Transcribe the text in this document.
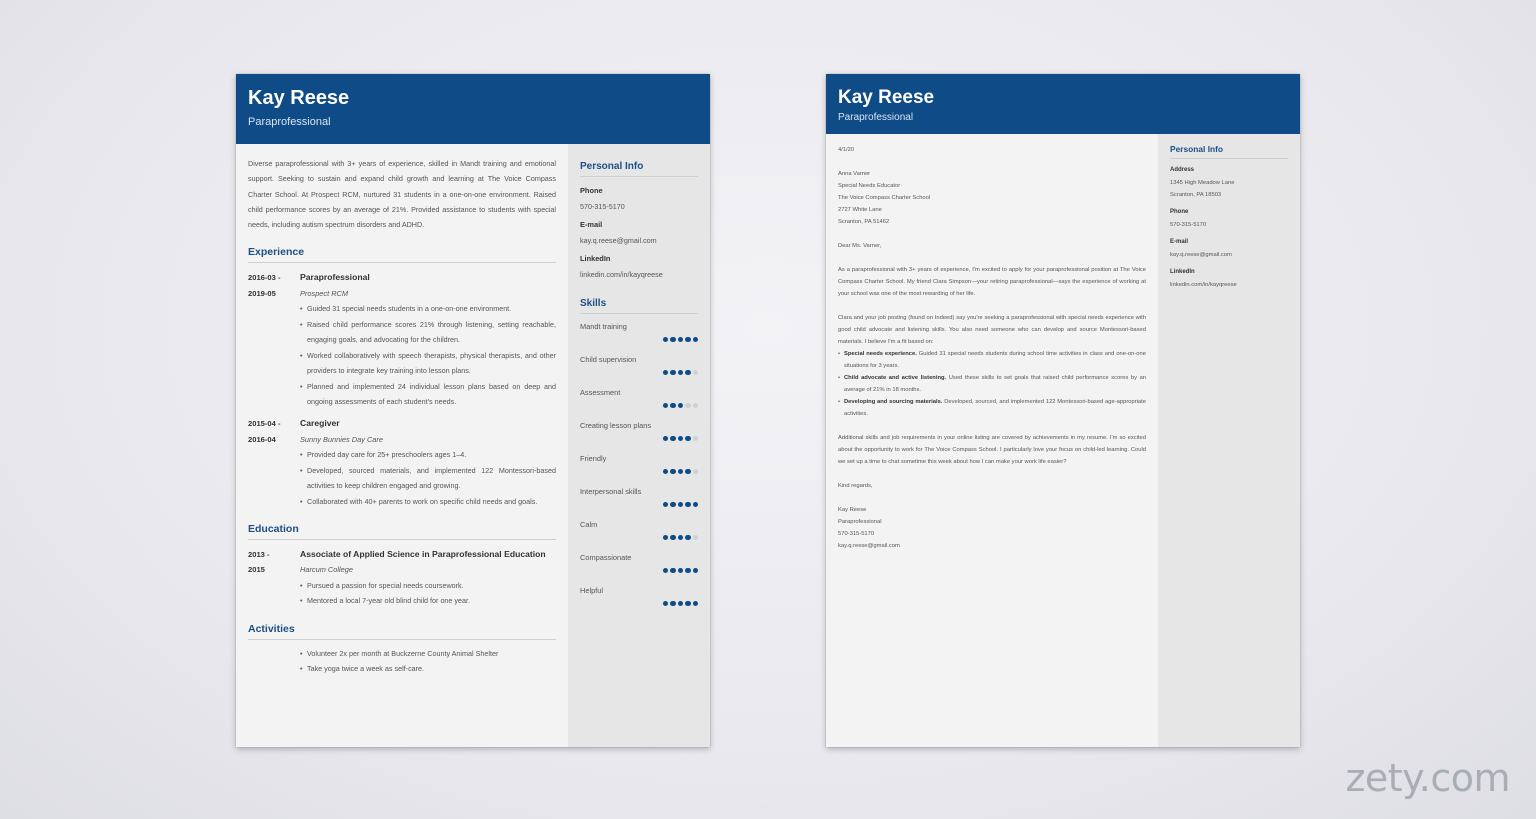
Kay Reese
Paraprofessional
Diverse paraprofessional with 3+ years of experience, skilled in Mandt training and emotional support. Seeking to sustain and expand child growth and learning at The Voice Compass Charter School. At Prospect RCM, nurtured 31 students in a one-on-one environment. Raised child performance scores by an average of 21%. Provided assistance to students with special needs, including autism spectrum disorders and ADHD.
Experience
2016-03 -
2019-05
Paraprofessional
Prospect RCM
• Guided 31 special needs students in a one-on-one environment.
• Raised child performance scores 21% through listening, setting reachable, engaging goals, and advocating for the children.
• Worked collaboratively with speech therapists, physical therapists, and other providers to integrate key training into lesson plans.
• Planned and implemented 24 individual lesson plans based on deep and ongoing assessments of each student's needs.
2015-04 -
2016-04
Caregiver
Sunny Bunnies Day Care
• Provided day care for 25+ preschoolers ages 1–4.
• Developed, sourced materials, and implemented 122 Montessori-based activities to keep children engaged and growing.
• Collaborated with 40+ parents to work on specific child needs and goals.
Education
2013 -
2015
Associate of Applied Science in Paraprofessional Education
Harcum College
• Pursued a passion for special needs coursework.
• Mentored a local 7-year old blind child for one year.
Activities
• Volunteer 2x per month at Buckzerne County Animal Shelter
• Take yoga twice a week as self-care.
Personal Info
Phone
570-315-5170
E-mail
kay.q.reese@gmail.com
LinkedIn
linkedin.com/in/kayqreese
Skills
Mandt training
Child supervision
Assessment
Creating lesson plans
Friendly
Interpersonal skills
Calm
Compassionate
Helpful
Kay Reese
Paraprofessional
4/1/20
Anna Varner
Special Needs Educator
The Voice Compass Charter School
2727 White Lane
Scranton, PA 51462
Dear Ms. Varner,

As a paraprofessional with 3+ years of experience, I'm excited to apply for your paraprofessional position at The Voice Compass Charter School. My friend Clara Simpson—your retiring paraprofessional—says the experience of working at your school was one of the most rewarding of her life.

Clara and your job posting (found on Indeed) say you're seeking a paraprofessional with special needs experience with good child advocate and listening skills. You also need someone who can develop and source Montessori-based materials. I believe I'm a fit based on:

• Special needs experience. Guided 31 special needs students during school time activities in class and one-on-one situations for 3 years.
• Child advocate and active listening. Used these skills to set goals that raised child performance scores by an average of 21% in 18 months.
• Developing and sourcing materials. Developed, sourced, and implemented 122 Montessori-based age-appropriate activities.

Additional skills and job requirements in your online listing are covered by achievements in my resume. I'm so excited about the opportunity to work for The Voice Compass School. I particularly love your focus on child-led learning. Could we set up a time to chat sometime this week about how I can make your work life easier?

Kind regards,
Kay Reese
Paraprofessional
570-315-5170
kay.q.reese@gmail.com
Personal Info
Address
1345 High Meadow Lane
Scranton, PA 18503
Phone
570-315-5170
E-mail
kay.q.reese@gmail.com
LinkedIn
linkedin.com/in/kayqreese
zety.com
